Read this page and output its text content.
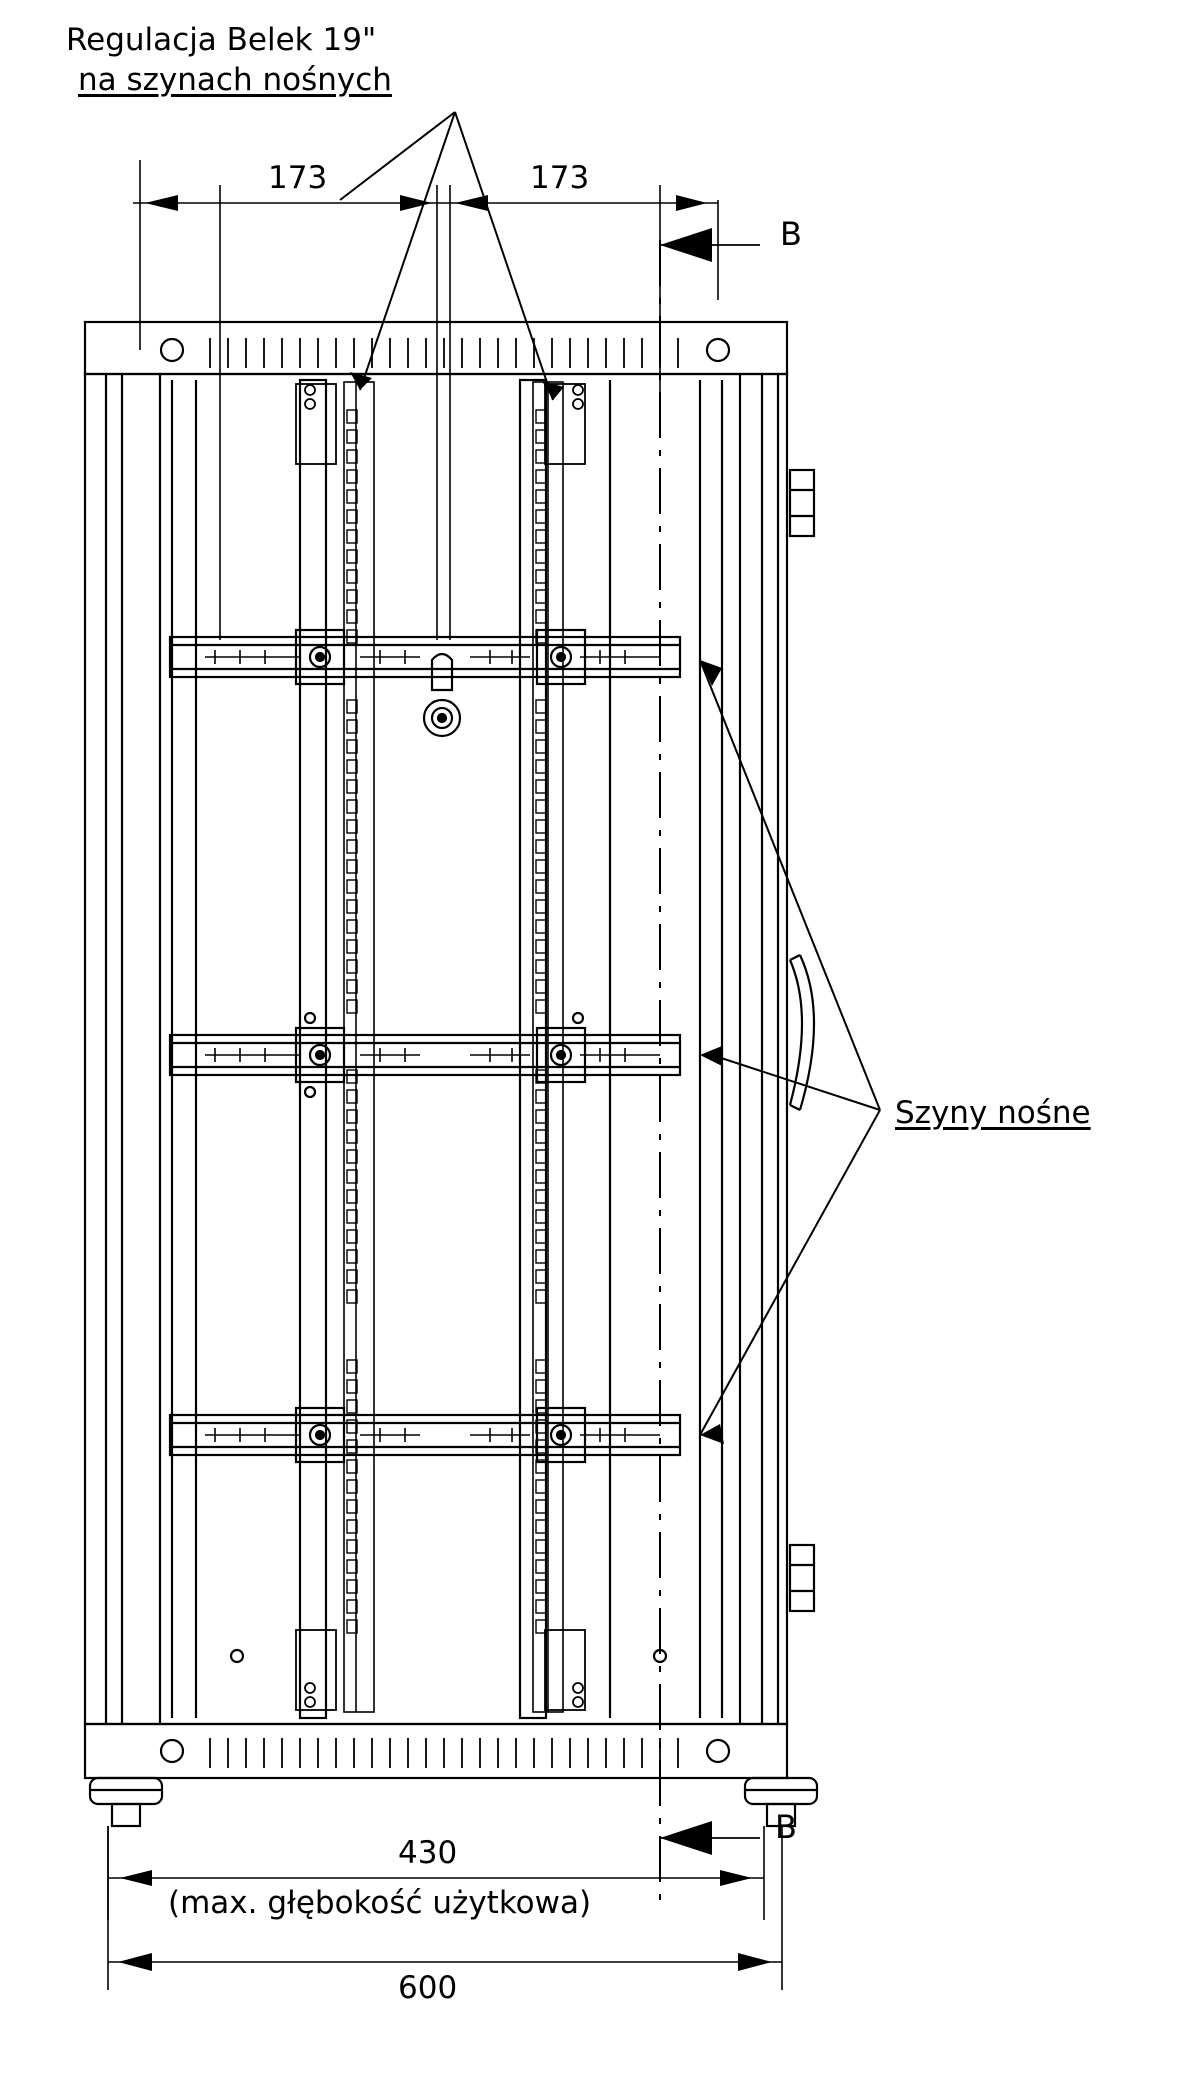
Regulacja Belek 19"
na szynach nośnych
173	173
B
Szyny nośne
B
430
(max. głębokość użytkowa)
600
